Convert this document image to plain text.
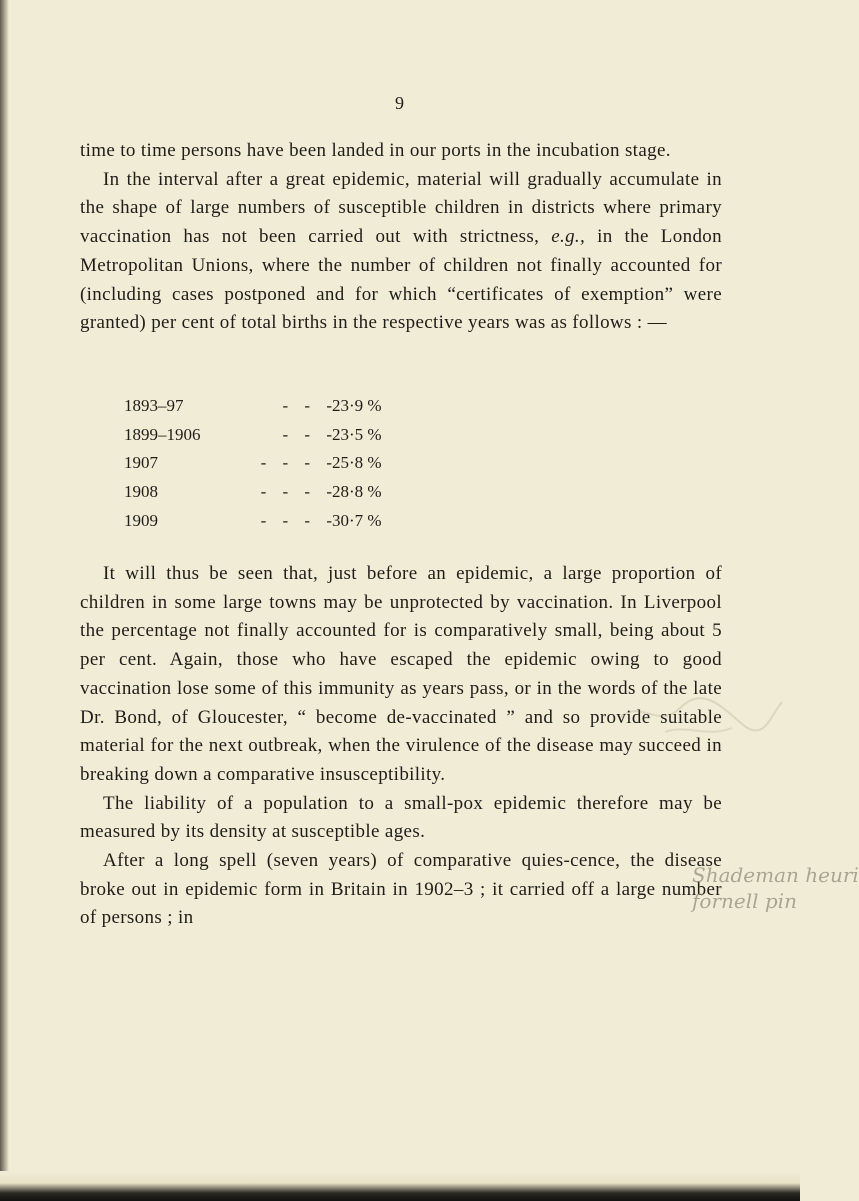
9

time to time persons have been landed in our ports in the incubation stage.

In the interval after a great epidemic, material will gradually accumulate in the shape of large numbers of susceptible children in districts where primary vaccination has not been carried out with strictness, e.g., in the London Metropolitan Unions, where the number of children not finally accounted for (including cases postponed and for which “certificates of exemption” were granted) per cent of total births in the respective years was as follows : —

1893–97	- - - 23·9 %
1899–1906	- - - 23·5 %
1907	- - - - 25·8 %
1908	- - - - 28·8 %
1909	- - - - 30·7 %

It will thus be seen that, just before an epidemic, a large proportion of children in some large towns may be unprotected by vaccination. In Liverpool the percentage not finally accounted for is comparatively small, being about 5 per cent. Again, those who have escaped the epidemic owing to good vaccination lose some of this immunity as years pass, or in the words of the late Dr. Bond, of Gloucester, “ become de-vaccinated ” and so provide suitable material for the next outbreak, when the virulence of the disease may succeed in breaking down a comparative insusceptibility.

The liability of a population to a small-pox epidemic therefore may be measured by its density at susceptible ages.

After a long spell (seven years) of comparative quies-cence, the disease broke out in epidemic form in Britain in 1902–3 ; it carried off a large number of persons ; in

Shademan heuri
fornell pin
